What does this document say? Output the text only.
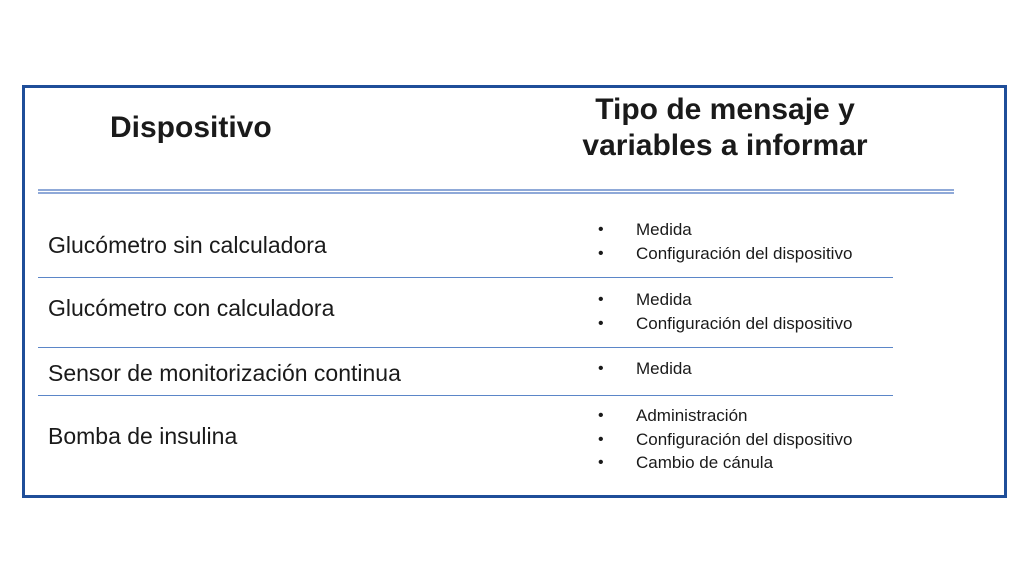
Dispositivo
Tipo de mensaje y
variables a informar
Glucómetro sin calculadora
• Medida
• Configuración del dispositivo
Glucómetro con calculadora	• Medida
• Configuración del dispositivo
Sensor de monitorización continua	• Medida
Bomba de insulina
• Administración
• Configuración del dispositivo
• Cambio de cánula
